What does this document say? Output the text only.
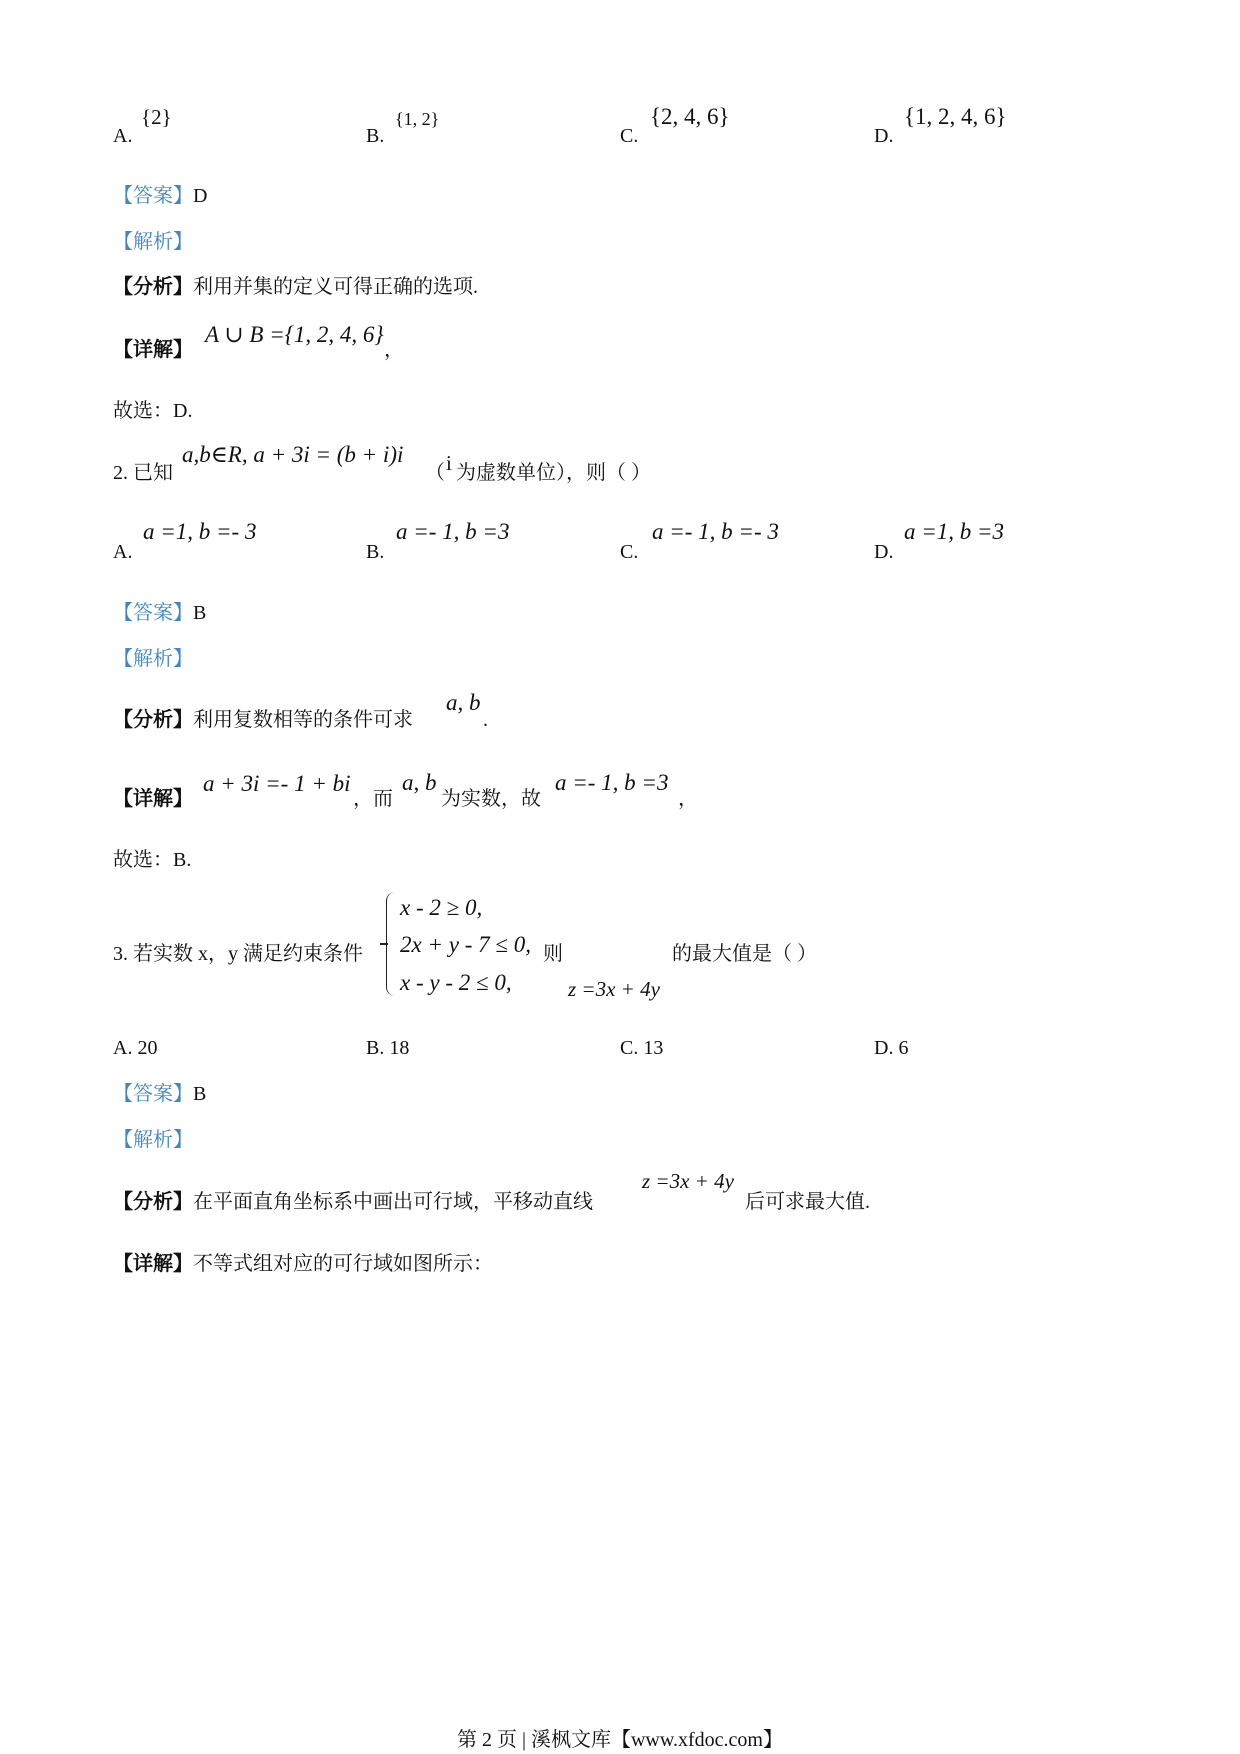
A.
{2}
B.
{1, 2}
C.
{2, 4, 6}
D.
{1, 2, 4, 6}
【答案】D
【解析】
【分析】利用并集的定义可得正确的选项.
【详解】
A ∪ B ={1, 2, 4, 6}
，
故选：D.
2. 已知
a,b∈R, a + 3i = (b + i)i
（ i 为虚数单位），则（ ）
A.
a =1, b =- 3
B.
a =- 1, b =3
C.
a =- 1, b =- 3
D.
a =1, b =3
【答案】B
【解析】
【分析】利用复数相等的条件可求
a, b
.
【详解】
a + 3i =- 1 + bi
，而
a, b
为实数，故
a =- 1, b =3
，
故选：B.
3. 若实数 x，y 满足约束条件
x - 2 ≥ 0,
2x + y - 7 ≤ 0,
x - y - 2 ≤ 0,
则
z =3x + 4y
的最大值是（ ）
A. 20	B. 18	C. 13	D. 6
【答案】B
【解析】
【分析】在平面直角坐标系中画出可行域，平移动直线
z =3x + 4y
后可求最大值.
【详解】不等式组对应的可行域如图所示：
第 2 页 | 溪枫文库【www.xfdoc.com】
